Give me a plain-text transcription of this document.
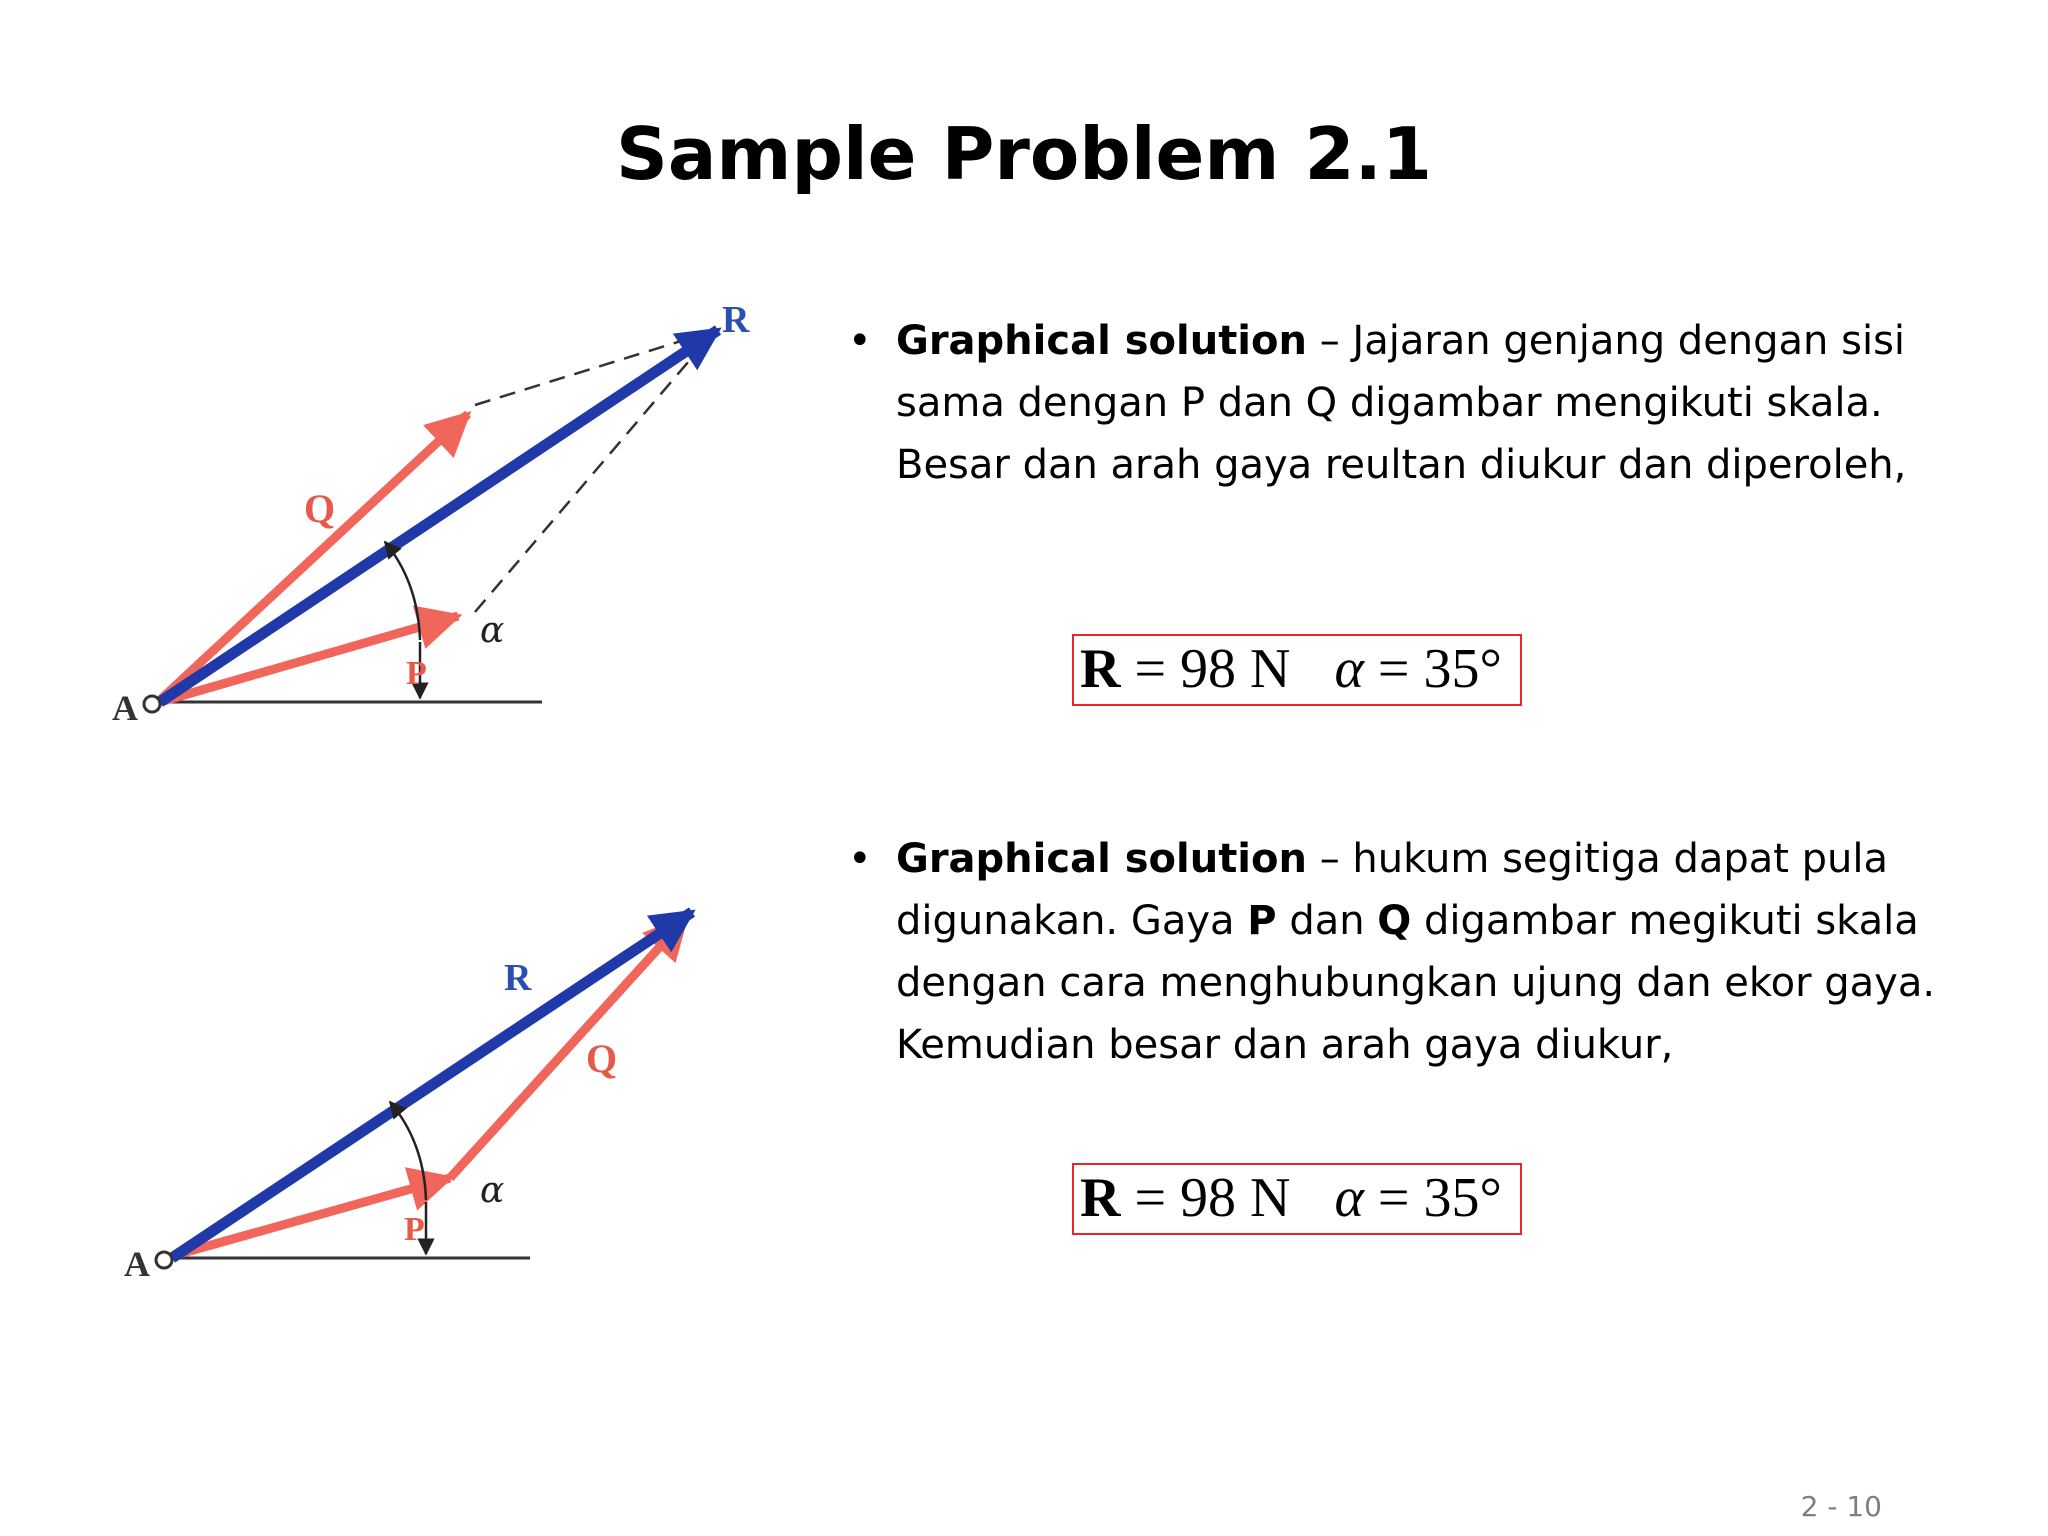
Sample Problem 2.1
R
Q
P
A
α
R
Q
P
A
α
• Graphical solution – Jajaran genjang dengan sisi sama dengan P dan Q digambar mengikuti skala. Besar dan arah gaya reultan diukur dan diperoleh,
R = 98 N α = 35°
• Graphical solution – hukum segitiga dapat pula digunakan. Gaya P dan Q digambar megikuti skala dengan cara menghubungkan ujung dan ekor gaya. Kemudian besar dan arah gaya diukur,
R = 98 N α = 35°
2 - 10
